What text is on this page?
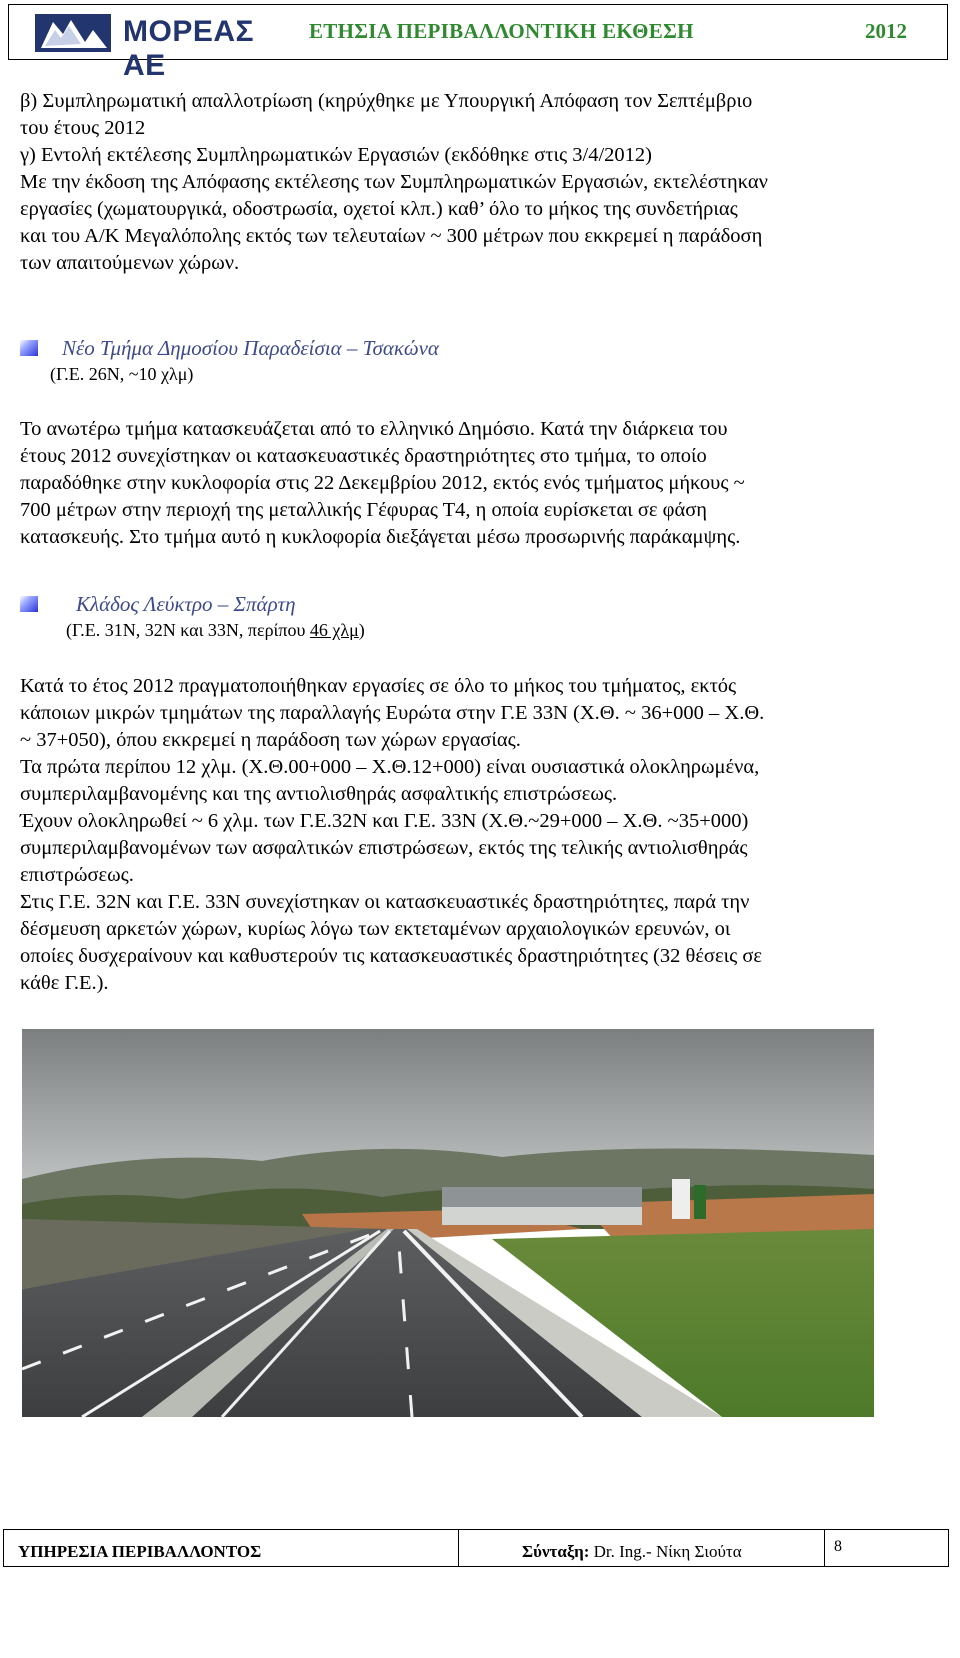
ΜΟΡΕΑΣ ΑΕ
ΕΤΗΣΙΑ ΠΕΡΙΒΑΛΛΟΝΤΙΚΗ ΕΚΘΕΣΗ	2012
β) Συμπληρωματική απαλλοτρίωση (κηρύχθηκε με Υπουργική Απόφαση τον Σεπτέμβριο
του έτους 2012
γ) Εντολή εκτέλεσης Συμπληρωματικών Εργασιών (εκδόθηκε στις 3/4/2012)
Με την έκδοση της Απόφασης εκτέλεσης των Συμπληρωματικών Εργασιών, εκτελέστηκαν
εργασίες (χωματουργικά, οδοστρωσία, οχετοί κλπ.) καθ’ όλο το μήκος της συνδετήριας
και του Α/Κ Μεγαλόπολης εκτός των τελευταίων ~ 300 μέτρων που εκκρεμεί η παράδοση
των απαιτούμενων χώρων.
Νέο Τμήμα Δημοσίου Παραδείσια – Τσακώνα
(Γ.Ε. 26Ν, ~10 χλμ)
Το ανωτέρω τμήμα κατασκευάζεται από το ελληνικό Δημόσιο. Κατά την διάρκεια του
έτους 2012 συνεχίστηκαν οι κατασκευαστικές δραστηριότητες στο τμήμα, το οποίο
παραδόθηκε στην κυκλοφορία στις 22 Δεκεμβρίου 2012, εκτός ενός τμήματος μήκους ~
700 μέτρων στην περιοχή της μεταλλικής Γέφυρας Τ4, η οποία ευρίσκεται σε φάση
κατασκευής. Στο τμήμα αυτό η κυκλοφορία διεξάγεται μέσω προσωρινής παράκαμψης.
Κλάδος Λεύκτρο – Σπάρτη
(Γ.Ε. 31Ν, 32Ν και 33Ν, περίπου 46 χλμ)
Κατά το έτος 2012 πραγματοποιήθηκαν εργασίες σε όλο το μήκος του τμήματος, εκτός
κάποιων μικρών τμημάτων της παραλλαγής Ευρώτα στην Γ.Ε 33Ν (Χ.Θ. ~ 36+000 – Χ.Θ.
~ 37+050), όπου εκκρεμεί η παράδοση των χώρων εργασίας.
Τα πρώτα περίπου 12 χλμ. (Χ.Θ.00+000 – Χ.Θ.12+000) είναι ουσιαστικά ολοκληρωμένα,
συμπεριλαμβανομένης και της αντιολισθηράς ασφαλτικής επιστρώσεως.
Έχουν ολοκληρωθεί ~ 6 χλμ. των Γ.Ε.32Ν και Γ.Ε. 33Ν (Χ.Θ.~29+000 – Χ.Θ. ~35+000)
συμπεριλαμβανομένων των ασφαλτικών επιστρώσεων, εκτός της τελικής αντιολισθηράς
επιστρώσεως.
Στις Γ.Ε. 32Ν και Γ.Ε. 33Ν συνεχίστηκαν οι κατασκευαστικές δραστηριότητες, παρά την
δέσμευση αρκετών χώρων, κυρίως λόγω των εκτεταμένων αρχαιολογικών ερευνών, οι
οποίες δυσχεραίνουν και καθυστερούν τις κατασκευαστικές δραστηριότητες (32 θέσεις σε
κάθε Γ.Ε.).
ΥΠΗΡΕΣΙΑ ΠΕΡΙΒΑΛΛΟΝΤΟΣ	Σύνταξη: Dr. Ing.- Νίκη Σιούτα	8
